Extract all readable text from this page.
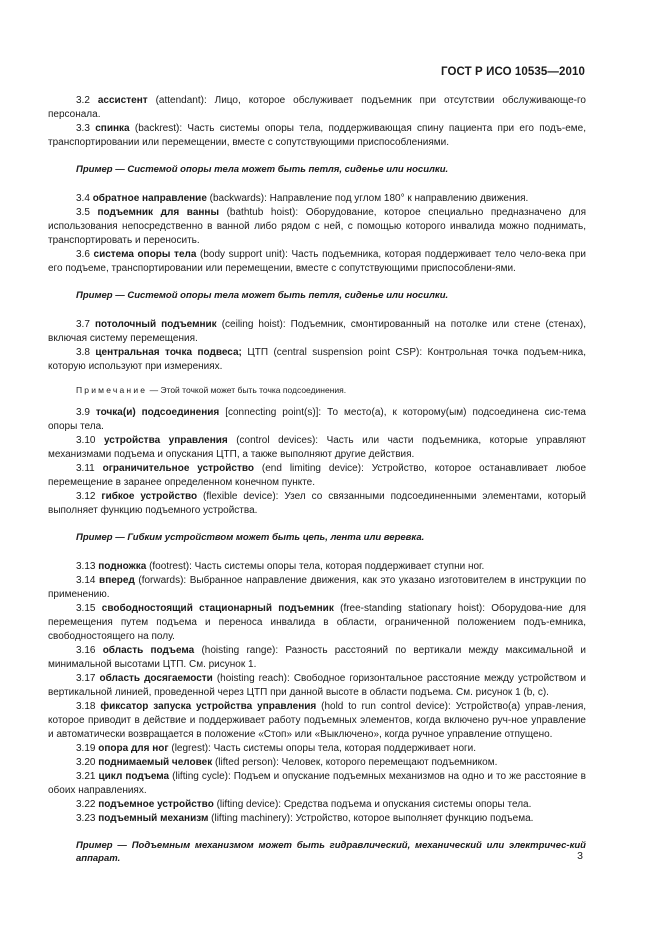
ГОСТ Р ИСО 10535—2010

3.2 ассистент (attendant): Лицо, которое обслуживает подъемник при отсутствии обслуживающе-го персонала.

3.3 спинка (backrest): Часть системы опоры тела, поддерживающая спину пациента при его подъ-еме, транспортировании или перемещении, вместе с сопутствующими приспособлениями.

Пример — Системой опоры тела может быть петля, сиденье или носилки.

3.4 обратное направление (backwards): Направление под углом 180° к направлению движения.

3.5 подъемник для ванны (bathtub hoist): Оборудование, которое специально предназначено для использования непосредственно в ванной либо рядом с ней, с помощью которого инвалида можно поднимать, транспортировать и переносить.

3.6 система опоры тела (body support unit): Часть подъемника, которая поддерживает тело чело-века при его подъеме, транспортировании или перемещении, вместе с сопутствующими приспособлени-ями.

Пример — Системой опоры тела может быть петля, сиденье или носилки.

3.7 потолочный подъемник (ceiling hoist): Подъемник, смонтированный на потолке или стене (стенах), включая систему перемещения.

3.8 центральная точка подвеса; ЦТП (central suspension point CSP): Контрольная точка подъем-ника, которую используют при измерениях.

Примечание — Этой точкой может быть точка подсоединения.

3.9 точка(и) подсоединения [connecting point(s)]: То место(а), к которому(ым) подсоединена сис-тема опоры тела.

3.10 устройства управления (control devices): Часть или части подъемника, которые управляют механизмами подъема и опускания ЦТП, а также выполняют другие действия.

3.11 ограничительное устройство (end limiting device): Устройство, которое останавливает любое перемещение в заранее определенном конечном пункте.

3.12 гибкое устройство (flexible device): Узел со связанными подсоединенными элементами, который выполняет функцию подъемного устройства.

Пример — Гибким устройством может быть цепь, лента или веревка.

3.13 подножка (footrest): Часть системы опоры тела, которая поддерживает ступни ног.

3.14 вперед (forwards): Выбранное направление движения, как это указано изготовителем в инструкции по применению.

3.15 свободностоящий стационарный подъемник (free-standing stationary hoist): Оборудова-ние для перемещения путем подъема и переноса инвалида в области, ограниченной положением подъ-емника, свободностоящего на полу.

3.16 область подъема (hoisting range): Разность расстояний по вертикали между максимальной и минимальной высотами ЦТП. См. рисунок 1.

3.17 область досягаемости (hoisting reach): Свободное горизонтальное расстояние между устройством и вертикальной линией, проведенной через ЦТП при данной высоте в области подъема. См. рисунок 1 (b, c).

3.18 фиксатор запуска устройства управления (hold to run control device): Устройство(а) управ-ления, которое приводит в действие и поддерживает работу подъемных элементов, когда включено руч-ное управление и автоматически возвращается в положение «Стоп» или «Выключено», когда ручное управление отпущено.

3.19 опора для ног (legrest): Часть системы опоры тела, которая поддерживает ноги.

3.20 поднимаемый человек (lifted person): Человек, которого перемещают подъемником.

3.21 цикл подъема (lifting cycle): Подъем и опускание подъемных механизмов на одно и то же расстояние в обоих направлениях.

3.22 подъемное устройство (lifting device): Средства подъема и опускания системы опоры тела.

3.23 подъемный механизм (lifting machinery): Устройство, которое выполняет функцию подъема.

Пример — Подъемным механизмом может быть гидравлический, механический или электричес-кий аппарат.	3
